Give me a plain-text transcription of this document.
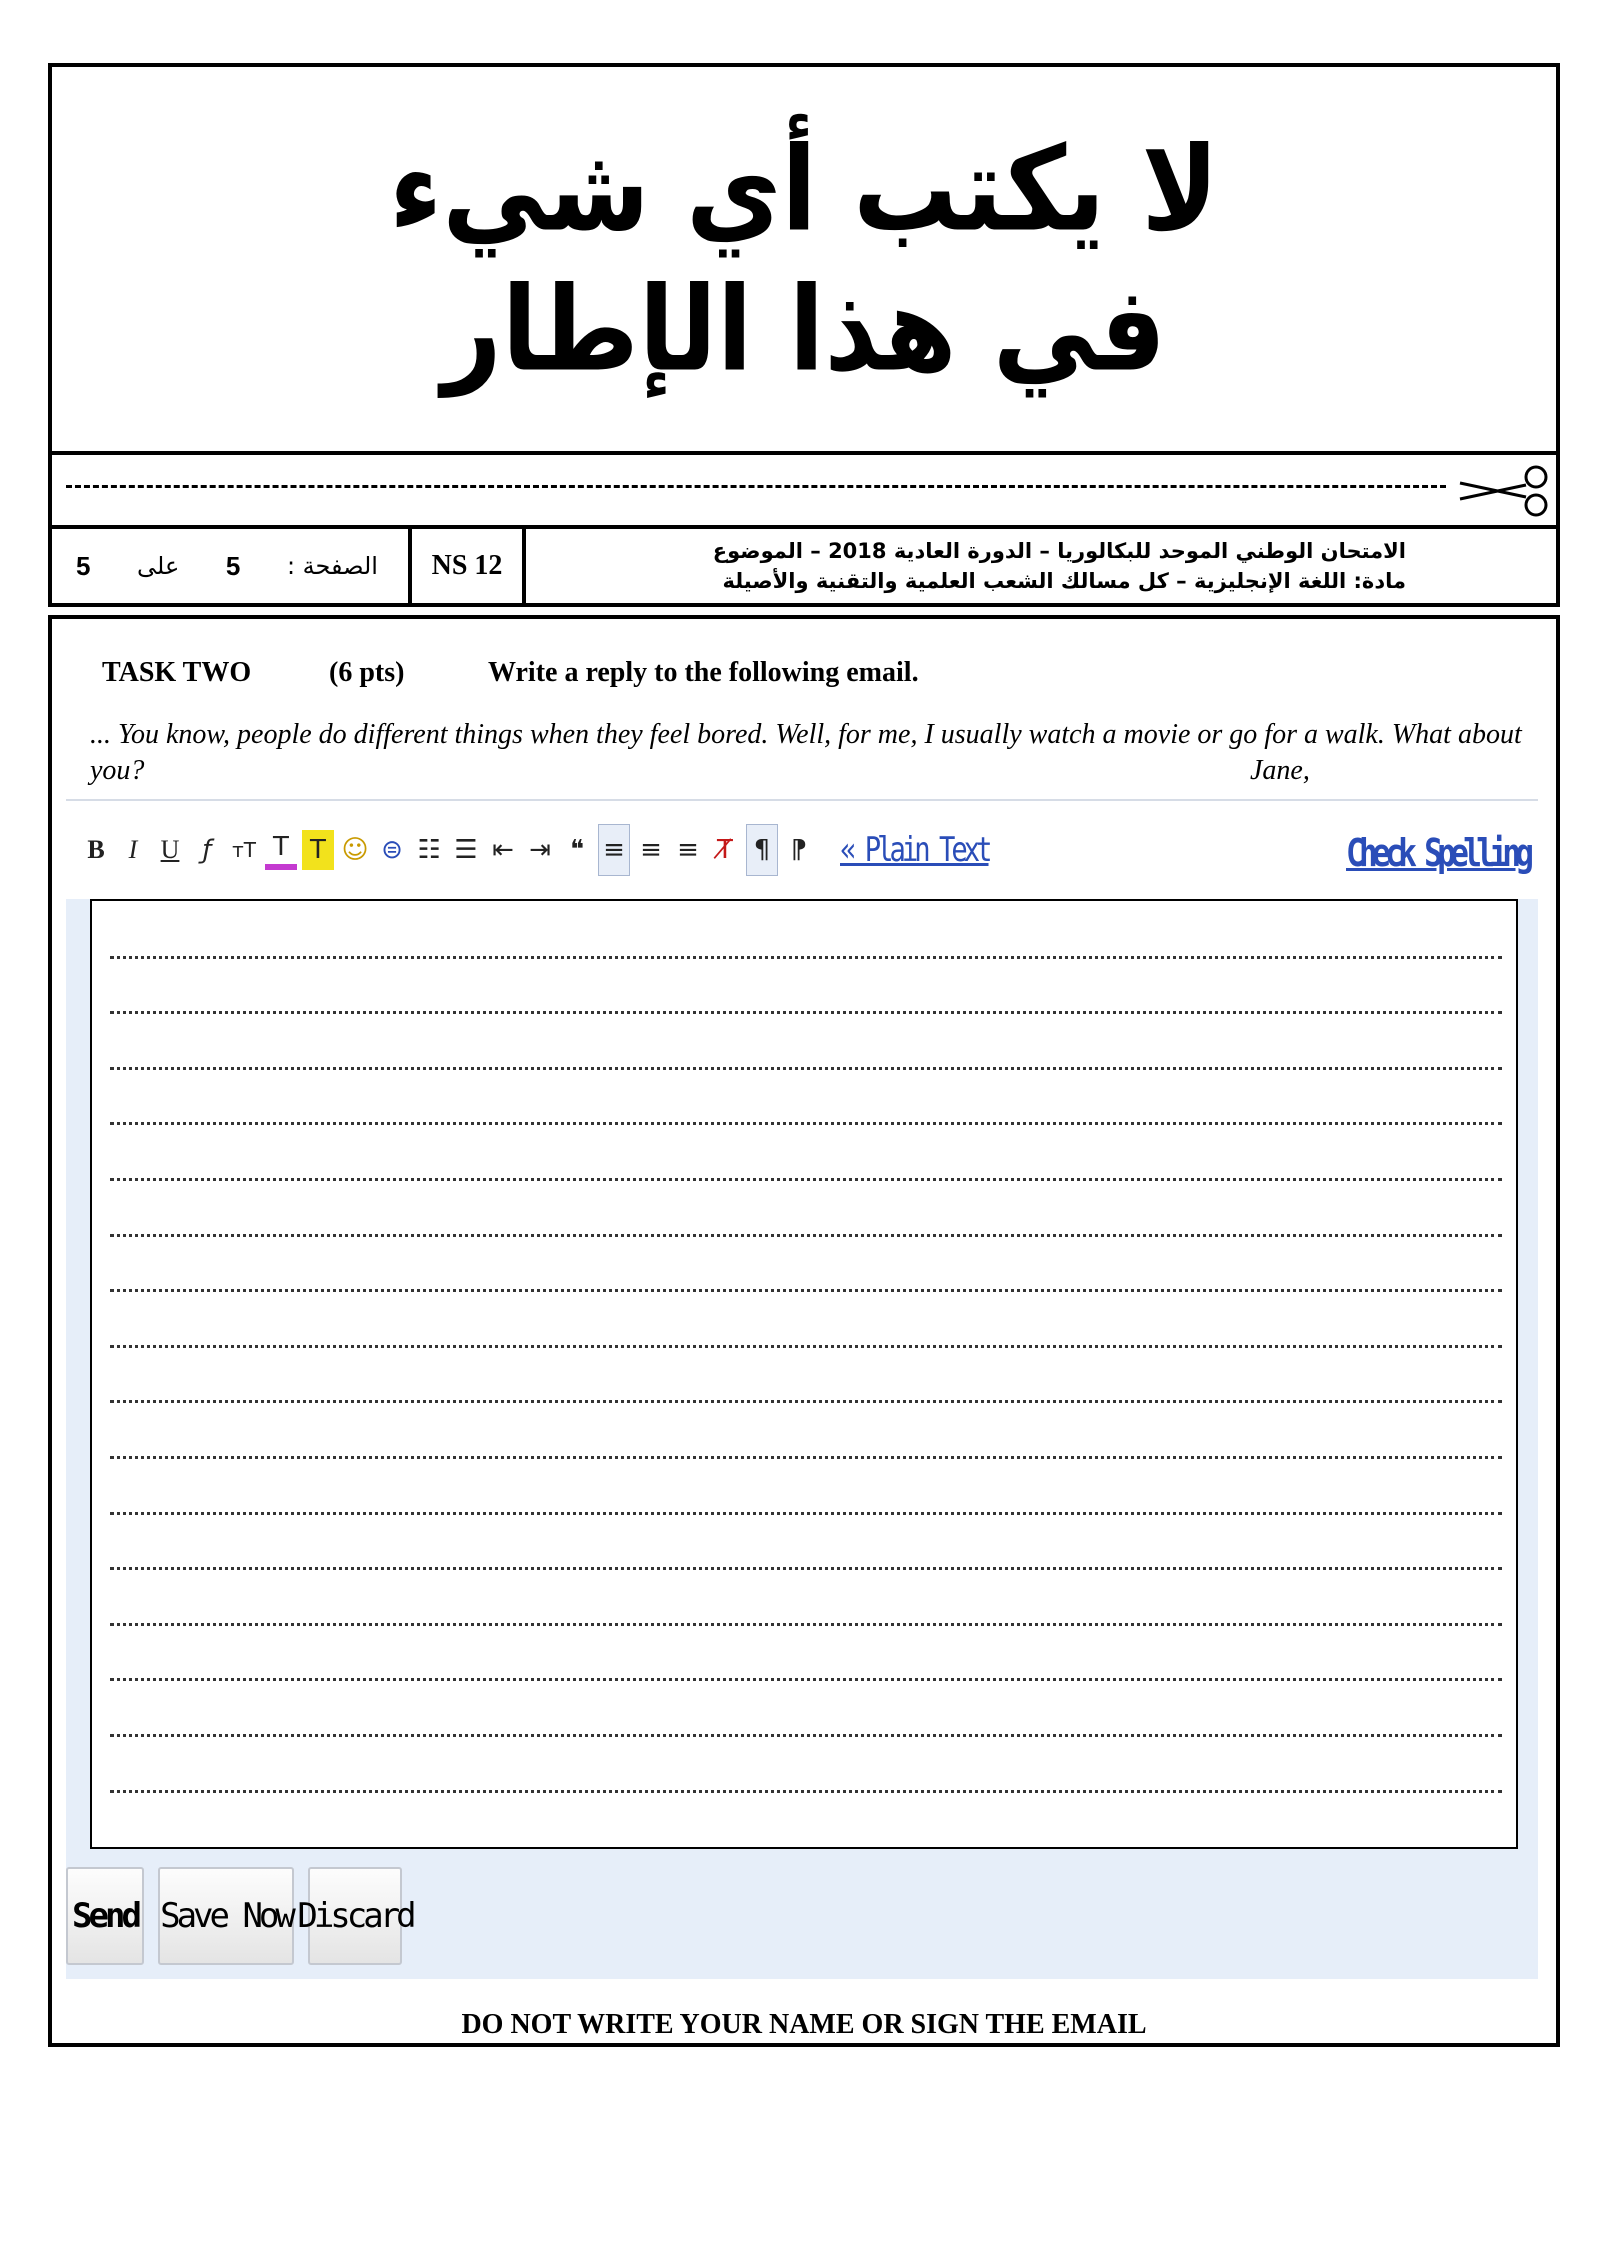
لا يكتب أي شيء
في هذا الإطار
5 على 5 الصفحة :	NS 12	الامتحان الوطني الموحد للبكالوريا – الدورة العادية 2018 – الموضوع
مادة: اللغة الإنجليزية – كل مسالك الشعب العلمية والتقنية والأصيلة
TASK TWO	(6 pts)	Write a reply to the following email.
... You know, people do different things when they feel bored. Well, for me, I usually watch a movie or go for a walk. What about you?	Jane,
B I U ƒ	ᴛT T T ☺ ⊜ ☷ ☰ ⇤ ⇥ ❝ ≡ ≡ ≡ T̸ ¶ ¶ « Plain Text	Check Spelling
Send Save Now Discard
DO NOT WRITE YOUR NAME OR SIGN THE EMAIL
